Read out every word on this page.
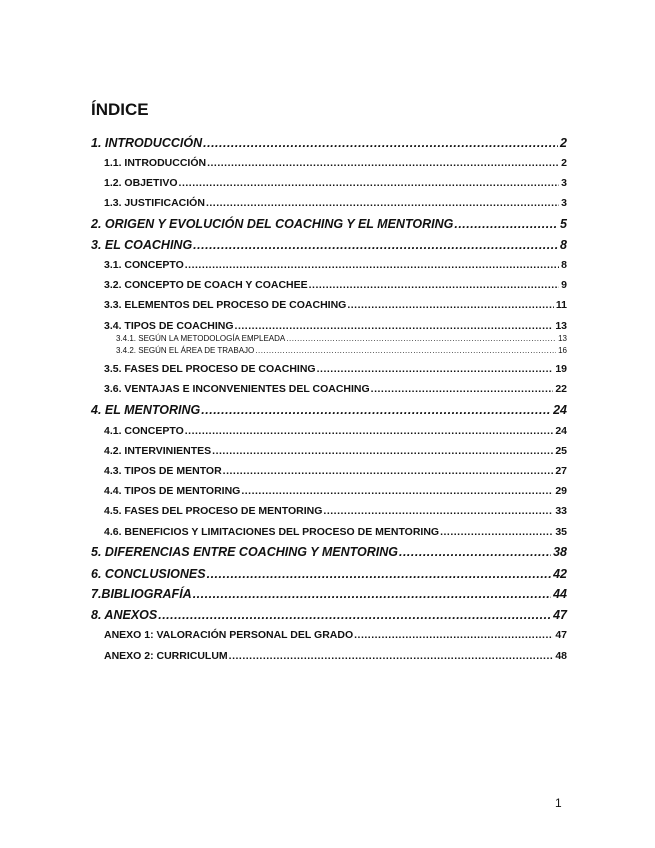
ÍNDICE
1. INTRODUCCIÓN .....	2
1.1. INTRODUCCIÓN .....	2
1.2. OBJETIVO .....	3
1.3. JUSTIFICACIÓN .....	3
2. ORIGEN Y EVOLUCIÓN DEL COACHING Y EL MENTORING .....	5
3. EL COACHING .....	8
3.1. CONCEPTO .....	8
3.2. CONCEPTO DE COACH Y COACHEE .....	9
3.3. ELEMENTOS DEL PROCESO DE COACHING .....	11
3.4. TIPOS DE COACHING .....	13
3.4.1. SEGÚN LA METODOLOGÍA EMPLEADA .....	13
3.4.2. SEGÚN EL ÁREA DE TRABAJO .....	16
3.5. FASES DEL PROCESO DE COACHING .....	19
3.6. VENTAJAS E INCONVENIENTES DEL COACHING .....	22
4. EL MENTORING .....	24
4.1. CONCEPTO .....	24
4.2. INTERVINIENTES .....	25
4.3. TIPOS DE MENTOR .....	27
4.4. TIPOS DE MENTORING .....	29
4.5. FASES DEL PROCESO DE MENTORING .....	33
4.6. BENEFICIOS Y LIMITACIONES DEL PROCESO DE MENTORING .....	35
5. DIFERENCIAS ENTRE COACHING Y MENTORING .....	38
6. CONCLUSIONES .....	42
7.BIBLIOGRAFÍA .....	44
8. ANEXOS .....	47
ANEXO 1: VALORACIÓN PERSONAL DEL GRADO .....	47
ANEXO 2: CURRICULUM .....	48
1
